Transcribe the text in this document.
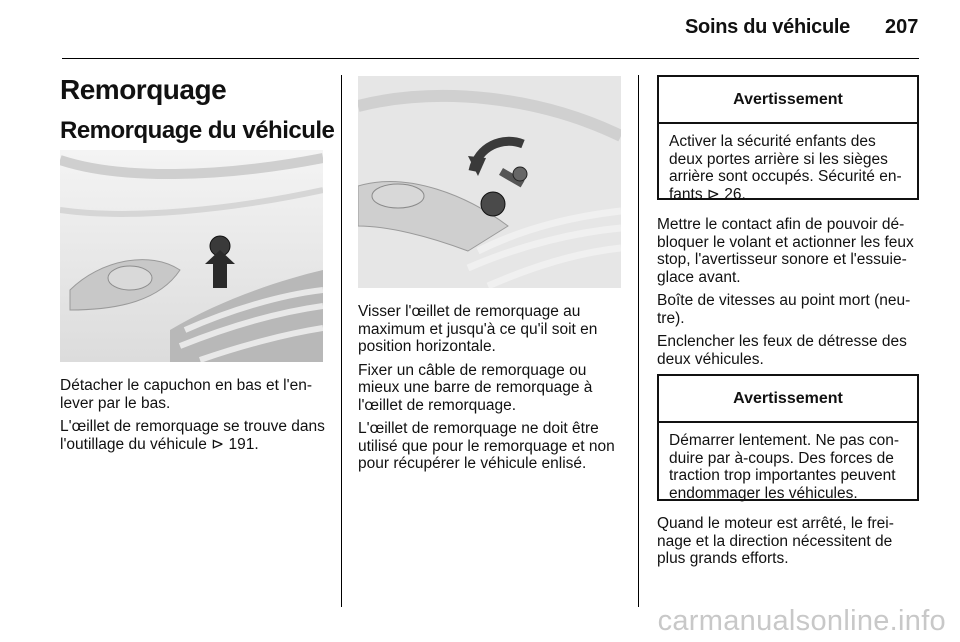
Soins du véhicule 207
Remorquage
Remorquage du véhicule

Détacher le capuchon en bas et l'en-lever par le bas.

L'œillet de remorquage se trouve dans l'outillage du véhicule ⊳ 191.

Visser l'œillet de remorquage au maximum et jusqu'à ce qu'il soit en position horizontale.

Fixer un câble de remorquage ou mieux une barre de remorquage à l'œillet de remorquage.

L'œillet de remorquage ne doit être utilisé que pour le remorquage et non pour récupérer le véhicule enlisé.

Avertissement
Activer la sécurité enfants des deux portes arrière si les sièges arrière sont occupés. Sécurité en-fants ⊳ 26.

Mettre le contact afin de pouvoir dé-bloquer le volant et actionner les feux stop, l'avertisseur sonore et l'essuie-glace avant.

Boîte de vitesses au point mort (neu-tre).

Enclencher les feux de détresse des deux véhicules.

Avertissement
Démarrer lentement. Ne pas con-duire par à-coups. Des forces de traction trop importantes peuvent endommager les véhicules.

Quand le moteur est arrêté, le frei-nage et la direction nécessitent de plus grands efforts.

carmanualsonline.info
